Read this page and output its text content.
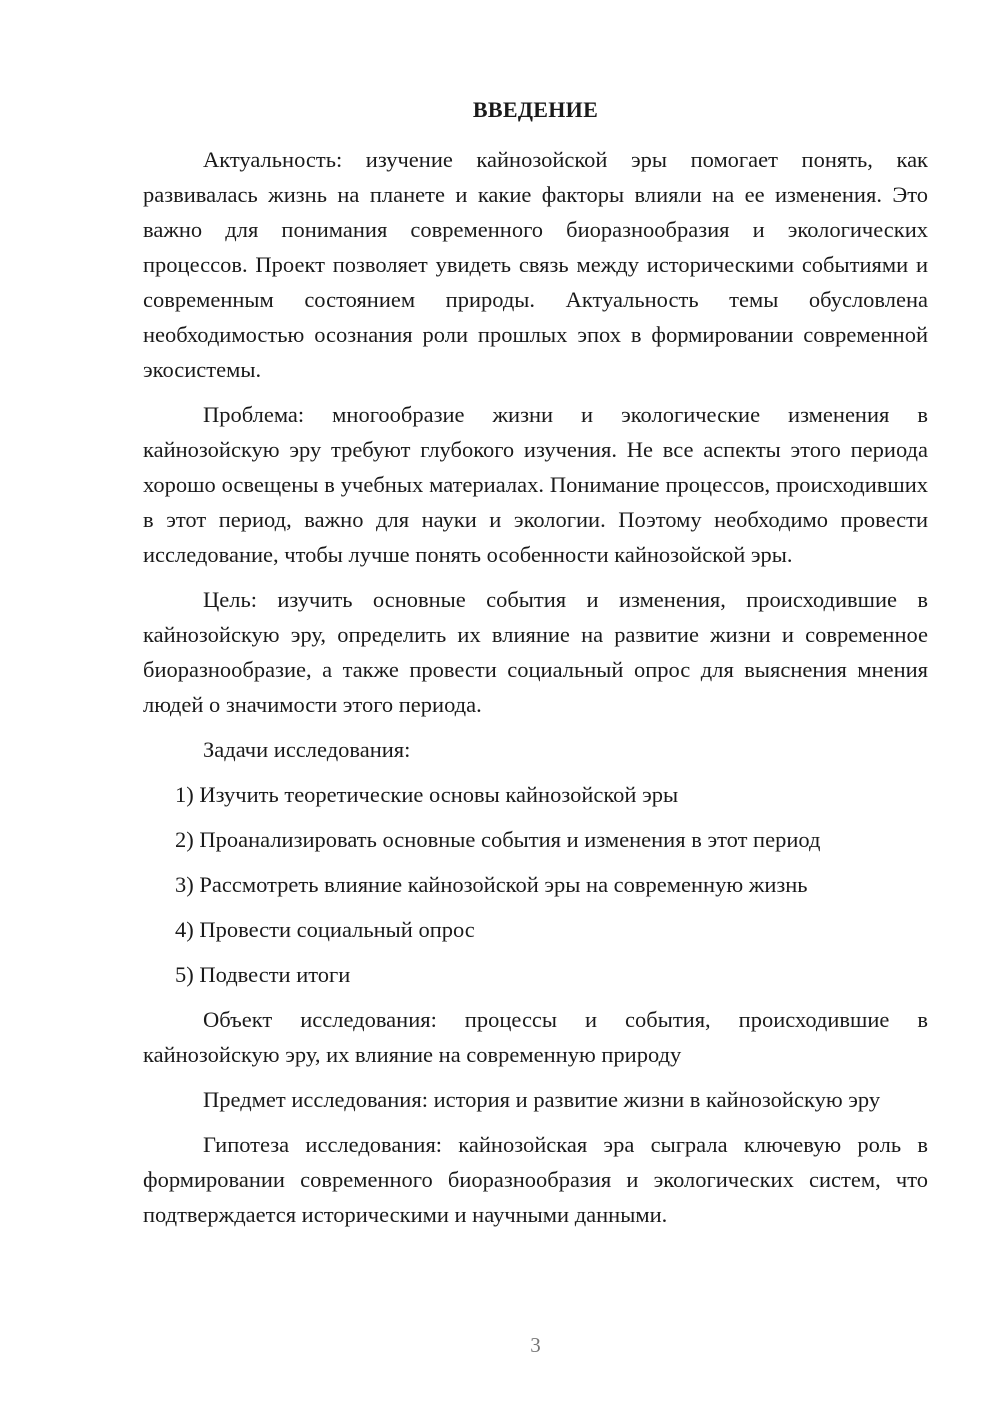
ВВЕДЕНИЕ

Актуальность: изучение кайнозойской эры помогает понять, как развивалась жизнь на планете и какие факторы влияли на ее изменения. Это важно для понимания современного биоразнообразия и экологических процессов. Проект позволяет увидеть связь между историческими событиями и современным состоянием природы. Актуальность темы обусловлена необходимостью осознания роли прошлых эпох в формировании современной экосистемы.

Проблема: многообразие жизни и экологические изменения в кайнозойскую эру требуют глубокого изучения. Не все аспекты этого периода хорошо освещены в учебных материалах. Понимание процессов, происходивших в этот период, важно для науки и экологии. Поэтому необходимо провести исследование, чтобы лучше понять особенности кайнозойской эры.

Цель: изучить основные события и изменения, происходившие в кайнозойскую эру, определить их влияние на развитие жизни и современное биоразнообразие, а также провести социальный опрос для выяснения мнения людей о значимости этого периода.

Задачи исследования:

1) Изучить теоретические основы кайнозойской эры
2) Проанализировать основные события и изменения в этот период
3) Рассмотреть влияние кайнозойской эры на современную жизнь
4) Провести социальный опрос
5) Подвести итоги

Объект исследования: процессы и события, происходившие в кайнозойскую эру, их влияние на современную природу

Предмет исследования: история и развитие жизни в кайнозойскую эру

Гипотеза исследования: кайнозойская эра сыграла ключевую роль в формировании современного биоразнообразия и экологических систем, что подтверждается историческими и научными данными.

3
